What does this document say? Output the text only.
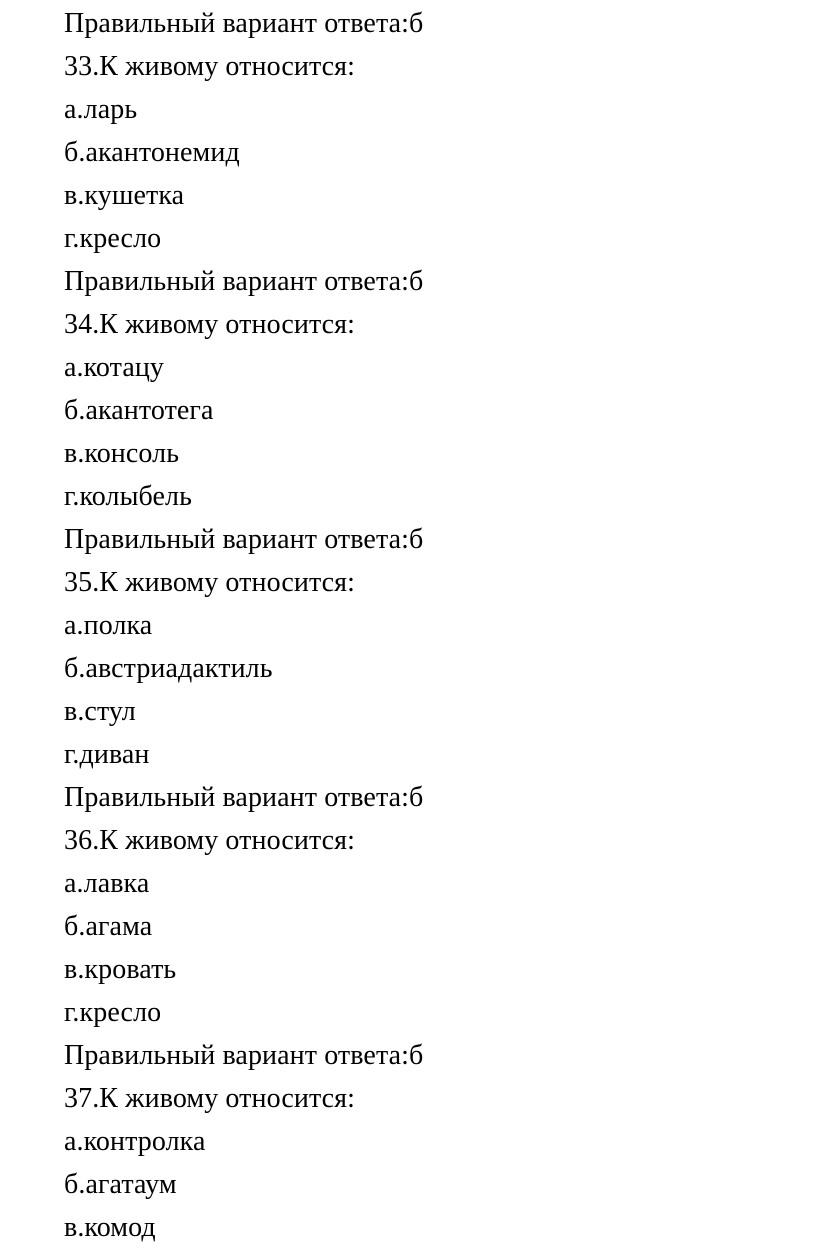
Правильный вариант ответа:б
33.К живому относится:
а.ларь
б.акантонемид
в.кушетка
г.кресло
Правильный вариант ответа:б
34.К живому относится:
а.котацу
б.акантотега
в.консоль
г.колыбель
Правильный вариант ответа:б
35.К живому относится:
а.полка
б.австриадактиль
в.стул
г.диван
Правильный вариант ответа:б
36.К живому относится:
а.лавка
б.агама
в.кровать
г.кресло
Правильный вариант ответа:б
37.К живому относится:
а.контролка
б.агатаум
в.комод
